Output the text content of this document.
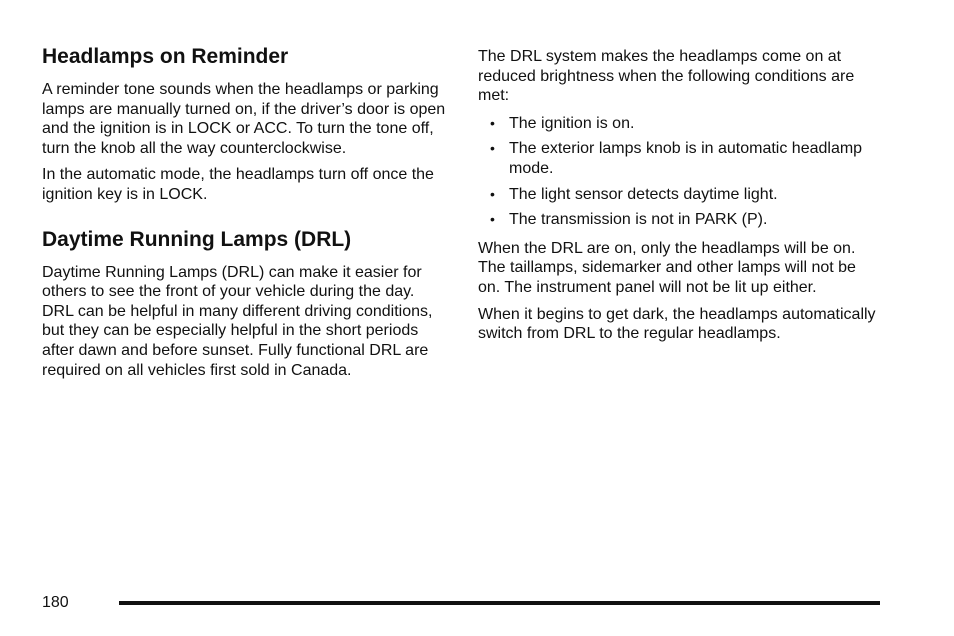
Headlamps on Reminder

A reminder tone sounds when the headlamps or parking lamps are manually turned on, if the driver’s door is open and the ignition is in LOCK or ACC. To turn the tone off, turn the knob all the way counterclockwise.

In the automatic mode, the headlamps turn off once the ignition key is in LOCK.

Daytime Running Lamps (DRL)

Daytime Running Lamps (DRL) can make it easier for others to see the front of your vehicle during the day. DRL can be helpful in many different driving conditions, but they can be especially helpful in the short periods after dawn and before sunset. Fully functional DRL are required on all vehicles first sold in Canada.

The DRL system makes the headlamps come on at reduced brightness when the following conditions are met:

• The ignition is on.
• The exterior lamps knob is in automatic headlamp mode.
• The light sensor detects daytime light.
• The transmission is not in PARK (P).

When the DRL are on, only the headlamps will be on. The taillamps, sidemarker and other lamps will not be on. The instrument panel will not be lit up either.

When it begins to get dark, the headlamps automatically switch from DRL to the regular headlamps.

180
